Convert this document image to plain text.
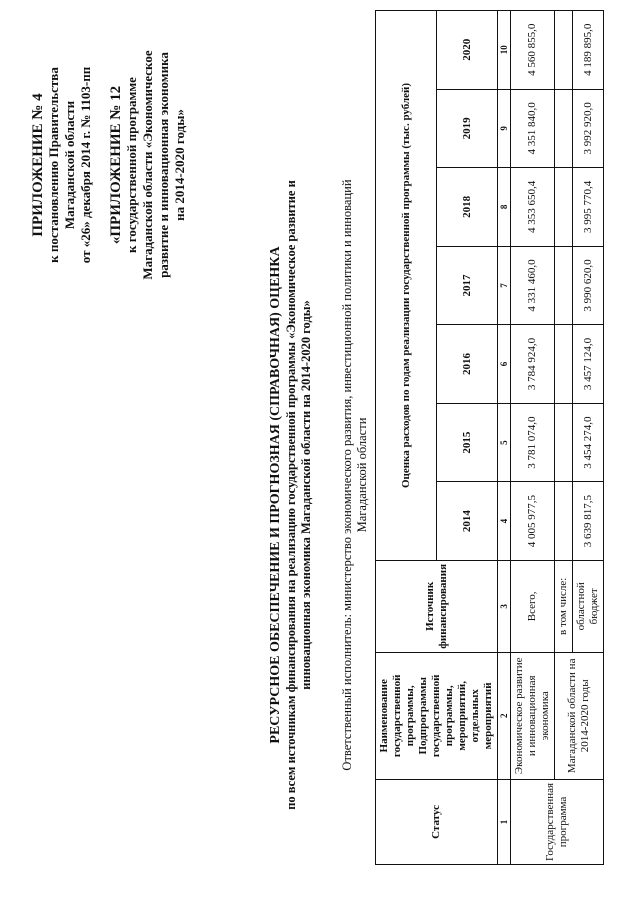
ПРИЛОЖЕНИЕ № 4 к постановлению Правительства Магаданской области от «26» декабря 2014 г. № 1103-пп «ПРИЛОЖЕНИЕ № 12 к государственной программе Магаданской области «Экономическое развитие и инновационная экономика на 2014-2020 годы»
РЕСУРСНОЕ ОБЕСПЕЧЕНИЕ И ПРОГНОЗНАЯ (СПРАВОЧНАЯ) ОЦЕНКА по всем источникам финансирования на реализацию государственной программы «Экономическое развитие и инновационная экономика Магаданской области на 2014-2020 годы» Ответственный исполнитель: министерство экономического развития, инвестиционной политики и инноваций Магаданской области
Статус	Наименование государственной программы, Подпрограммы государственной программы, мероприятий, отдельных мероприятий	Источник финансирования	Оценка расходов по годам реализации государственной программы (тыс. рублей)						
			2014	2015	2016	2017	2018	2019	2020
1	2	3	4	5	6	7	8	9	10
Государственная программа	Экономическое развитие и инновационная экономика	Всего,	4 005 977,5	3 781 074,0	3 784 924,0	4 331 460,0	4 353 650,4	4 351 840,0	4 560 855,0
	Магаданской области на 2014-2020 годы	в том числе:							
		областной бюджет	3 639 817,5	3 454 274,0	3 457 124,0	3 990 620,0	3 995 770,4	3 992 920,0	4 189 895,0
